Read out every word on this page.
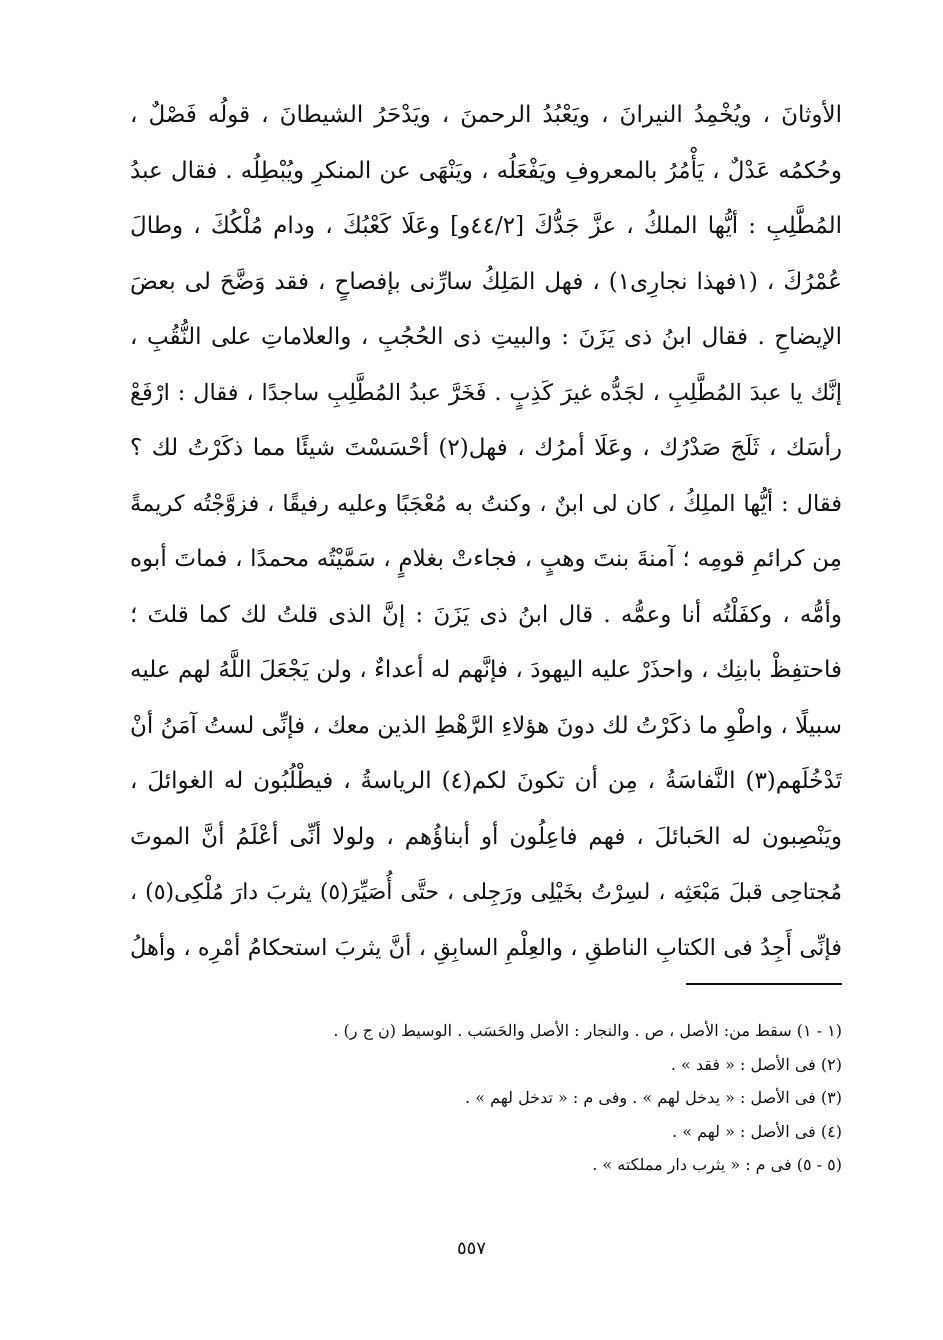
الأوثانَ ، ويُخْمِدُ النيرانَ ، ويَعْبُدُ الرحمنَ ، ويَدْحَرُ الشيطانَ ، قولُه فَصْلٌ ،
وحُكمُه عَدْلٌ ، يَأْمُرُ بالمعروفِ ويَفْعَلُه ، ويَنْهَى عن المنكرِ ويُبْطِلُه . فقال عبدُ
المُطَّلِبِ : أيُّها الملكُ ، عزَّ جَدُّكَ [٤٤/٢و] وعَلَا كَعْبُكَ ، ودام مُلْكُكَ ، وطالَ
عُمْرُكَ ، (١فهذا نجارِى١) ، فهل المَلِكُ سارِّنى بإفصاحٍ ، فقد وَضَّحَ لى بعضَ
الإيضاحِ . فقال ابنُ ذى يَزَنَ : والبيتِ ذى الحُجُبِ ، والعلاماتِ على النُّقُبِ ،
إنَّك يا عبدَ المُطَّلِبِ ، لجَدُّه غيرَ كَذِبٍ . فَخَرَّ عبدُ المُطَّلِبِ ساجدًا ، فقال : ارْفَعْ
رأسَك ، ثَلَجَ صَدْرُك ، وعَلَا أمرُك ، فهل(٢) أحْسَسْتَ شيئًا مما ذكَرْتُ لك ؟
فقال : أيُّها الملِكُ ، كان لى ابنٌ ، وكنتُ به مُعْجَبًا وعليه رفيقًا ، فزوَّجْتُه كريمةً
مِن كرائمِ قومِه ؛ آمنةَ بنتَ وهبٍ ، فجاءتْ بغلامٍ ، سَمَّيْتُه محمدًا ، فماتَ أبوه
وأمُّه ، وكفَلْتُه أنا وعمُّه . قال ابنُ ذى يَزَنَ : إنَّ الذى قلتُ لك كما قلتَ ؛
فاحتفِظْ بابنِك ، واحذَرْ عليه اليهودَ ، فإنَّهم له أعداءٌ ، ولن يَجْعَلَ اللَّهُ لهم عليه
سبيلًا ، واطْوِ ما ذكَرْتُ لك دونَ هؤلاءِ الرَّهْطِ الذين معك ، فإنِّى لستُ آمَنُ أنْ
تَدْخُلَهم(٣) النَّفاسَةُ ، مِن أن تكونَ لكم(٤) الرياسةُ ، فيطْلُبُون له الغوائلَ ،
ويَنْصِبون له الحَبائلَ ، فهم فاعِلُون أو أبناؤُهم ، ولولا أنِّى أعْلَمُ أنَّ الموتَ
مُجتاحِى قبلَ مَبْعَثِه ، لسِرْتُ بخَيْلِى ورَجِلى ، حتَّى أُصَيِّرَ(٥) يثربَ دارَ مُلْكِى(٥) ،
فإنِّى أَجِدُ فى الكتابِ الناطقِ ، والعِلْمِ السابِقِ ، أنَّ يثربَ استحكامُ أمْرِه ، وأهلُ
(١ - ١) سقط من: الأصل ، ص . والنجار : الأصل والحَسَب . الوسيط (ن ج ر) .
(٢) فى الأصل : « فقد » .
(٣) فى الأصل : « يدخل لهم » . وفى م : « تدخل لهم » .
(٤) فى الأصل : « لهم » .
(٥ - ٥) فى م : « يثرب دار مملكته » .
٥٥٧
